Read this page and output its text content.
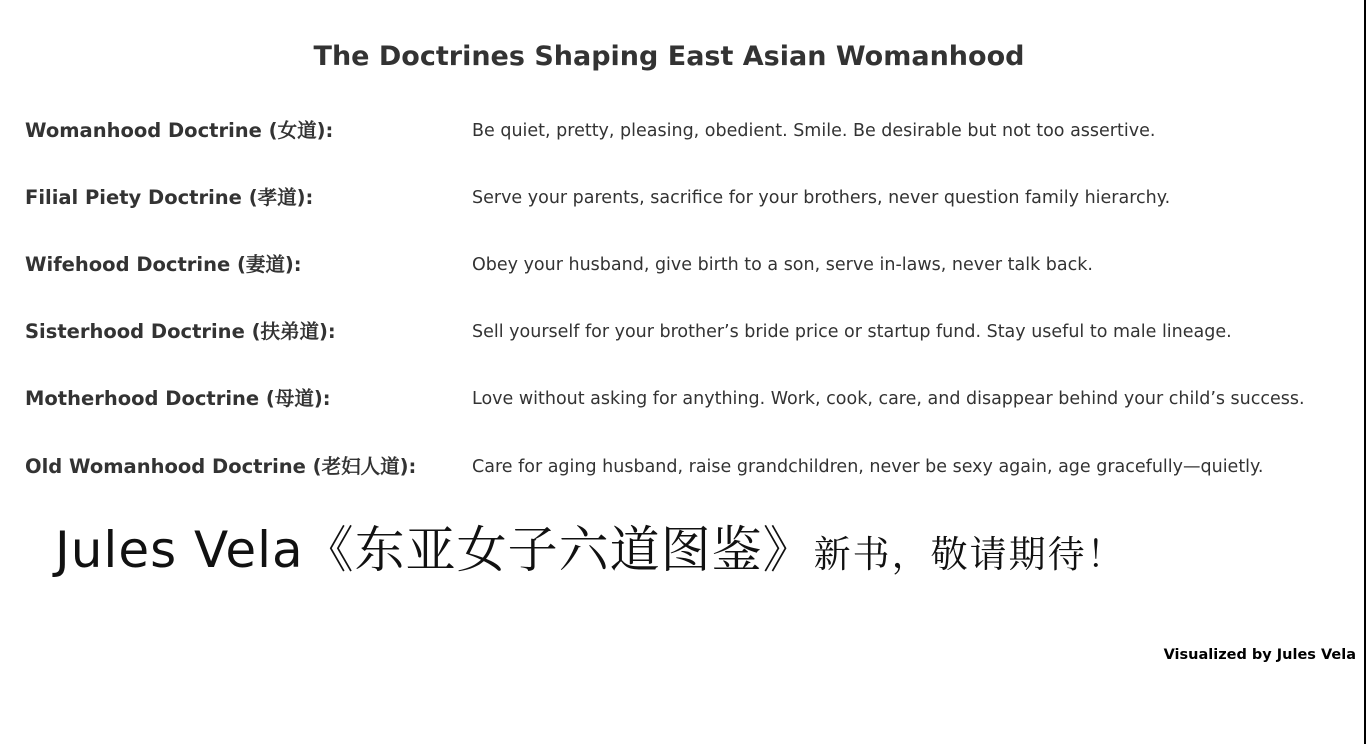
The Doctrines Shaping East Asian Womanhood
Womanhood Doctrine (女道):	Be quiet, pretty, pleasing, obedient. Smile. Be desirable but not too assertive.
Filial Piety Doctrine (孝道):	Serve your parents, sacrifice for your brothers, never question family hierarchy.
Wifehood Doctrine (妻道):	Obey your husband, give birth to a son, serve in-laws, never talk back.
Sisterhood Doctrine (扶弟道):	Sell yourself for your brother’s bride price or startup fund. Stay useful to male lineage.
Motherhood Doctrine (母道):	Love without asking for anything. Work, cook, care, and disappear behind your child’s success.
Old Womanhood Doctrine (老妇人道):	Care for aging husband, raise grandchildren, never be sexy again, age gracefully—quietly.
Jules Vela《东亚女子六道图鉴》新书，敬请期待！
Visualized by Jules Vela
